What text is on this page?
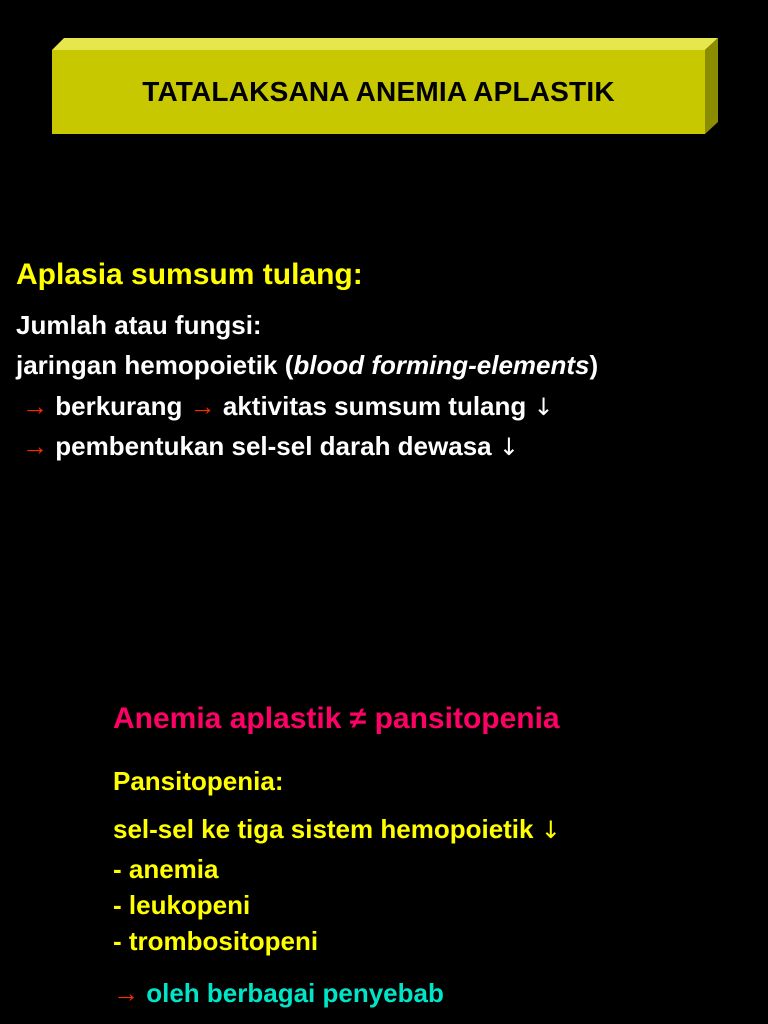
TATALAKSANA ANEMIA APLASTIK
Aplasia sumsum tulang:
Jumlah atau fungsi:
jaringan hemopoietik (blood forming-elements)
→ berkurang → aktivitas sumsum tulang ↓
→ pembentukan sel-sel darah dewasa ↓
Anemia aplastik ≠ pansitopenia
Pansitopenia:
sel-sel ke tiga sistem hemopoietik ↓
- anemia
- leukopeni
- trombositopeni
→ oleh berbagai penyebab
